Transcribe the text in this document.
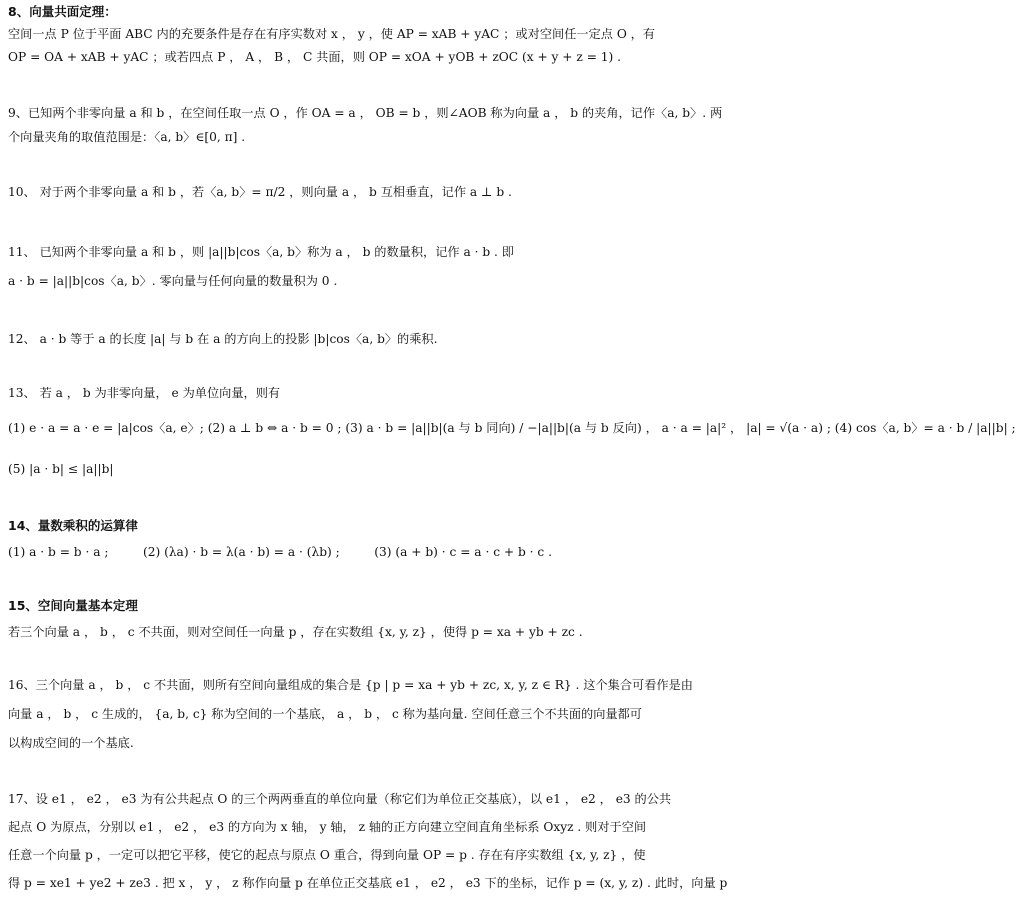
8、向量共面定理：
空间一点 P 位于平面 ABC 内的充要条件是存在有序实数对 x ， y ，使 AP = xAB + yAC ；或对空间任一定点 O ，有
OP = OA + xAB + yAC ；或若四点 P ， A ， B ， C 共面，则 OP = xOA + yOB + zOC (x + y + z = 1) .
9、已知两个非零向量 a 和 b ，在空间任取一点 O ，作 OA = a ， OB = b ，则∠AOB 称为向量 a ， b 的夹角，记作〈a, b〉. 两
个向量夹角的取值范围是：〈a, b〉∈[0, π] .
10、 对于两个非零向量 a 和 b ，若〈a, b〉= π/2 ，则向量 a ， b 互相垂直，记作 a ⊥ b .
11、 已知两个非零向量 a 和 b ，则 |a||b|cos〈a, b〉称为 a ， b 的数量积，记作 a · b . 即
a · b = |a||b|cos〈a, b〉. 零向量与任何向量的数量积为 0 .
12、 a · b 等于 a 的长度 |a| 与 b 在 a 的方向上的投影 |b|cos〈a, b〉的乘积.
13、 若 a ， b 为非零向量， e 为单位向量，则有
(1) e · a = a · e = |a|cos〈a, e〉; (2) a ⊥ b ⇔ a · b = 0 ; (3) a · b = |a||b|(a 与 b 同向) / −|a||b|(a 与 b 反向) ， a · a = |a|² ， |a| = √(a · a) ; (4) cos〈a, b〉= a · b / |a||b| ;
(5) |a · b| ≤ |a||b|
14、量数乘积的运算律
(1) a · b = b · a ;	(2) (λa) · b = λ(a · b) = a · (λb) ;	(3) (a + b) · c = a · c + b · c .
15、空间向量基本定理
若三个向量 a ， b ， c 不共面，则对空间任一向量 p ，存在实数组 {x, y, z} ，使得 p = xa + yb + zc .
16、三个向量 a ， b ， c 不共面，则所有空间向量组成的集合是 {p | p = xa + yb + zc, x, y, z ∈ R} . 这个集合可看作是由
向量 a ， b ， c 生成的， {a, b, c} 称为空间的一个基底， a ， b ， c 称为基向量. 空间任意三个不共面的向量都可
以构成空间的一个基底.
17、设 e1 ， e2 ， e3 为有公共起点 O 的三个两两垂直的单位向量（称它们为单位正交基底），以 e1 ， e2 ， e3 的公共
起点 O 为原点，分别以 e1 ， e2 ， e3 的方向为 x 轴， y 轴， z 轴的正方向建立空间直角坐标系 Oxyz . 则对于空间
任意一个向量 p ，一定可以把它平移，使它的起点与原点 O 重合，得到向量 OP = p . 存在有序实数组 {x, y, z} ，使
得 p = xe1 + ye2 + ze3 . 把 x ， y ， z 称作向量 p 在单位正交基底 e1 ， e2 ， e3 下的坐标，记作 p = (x, y, z) . 此时，向量 p
